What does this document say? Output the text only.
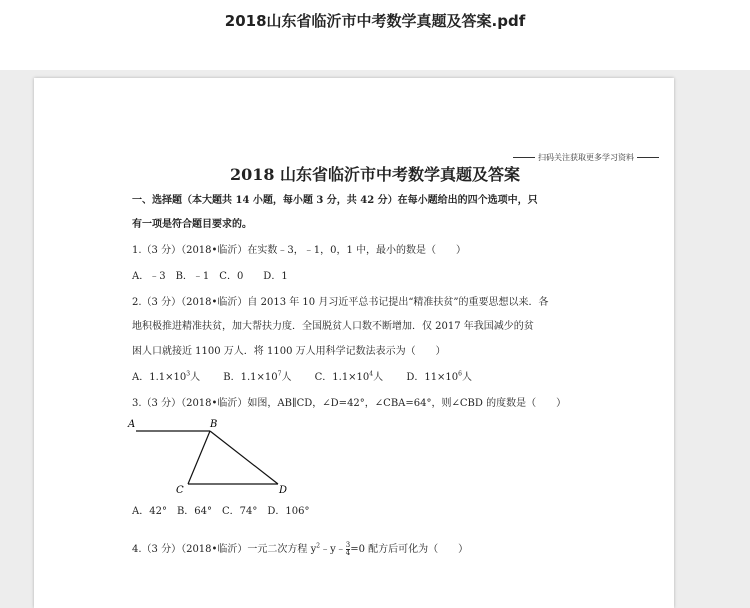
2018山东省临沂市中考数学真题及答案.pdf
扫码关注获取更多学习资料
2018 山东省临沂市中考数学真题及答案
一、选择题（本大题共 14 小题，每小题 3 分，共 42 分）在每小题给出的四个选项中，只
有一项是符合题目要求的。
1.（3 分）（2018•临沂）在实数﹣3，﹣1，0，1 中，最小的数是（　　）
A．﹣3　B．﹣1　C．0　　D．1
2.（3 分）（2018•临沂）自 2013 年 10 月习近平总书记提出“精准扶贫”的重要思想以来．各
地积极推进精准扶贫，加大帮扶力度．全国脱贫人口数不断增加．仅 2017 年我国减少的贫
困人口就接近 1100 万人．将 1100 万人用科学记数法表示为（　　）
A．$1.1\times 10^3$人　　 B．$1.1\times 10^7$人　　 C．$1.1\times 10^4$人　　 D．$11\times 10^6$人
3.（3 分）（2018•临沂）如图，AB∥CD，∠D=42°，∠CBA=64°，则∠CBD 的度数是（　　）
A	B
C	D
A．42°　B．64°　C．74°　D．106°
4.（3 分）（2018•临沂）一元二次方程 $y^2﹣y﹣ \frac{3}{4} =0$ 配方后可化为（　　）
